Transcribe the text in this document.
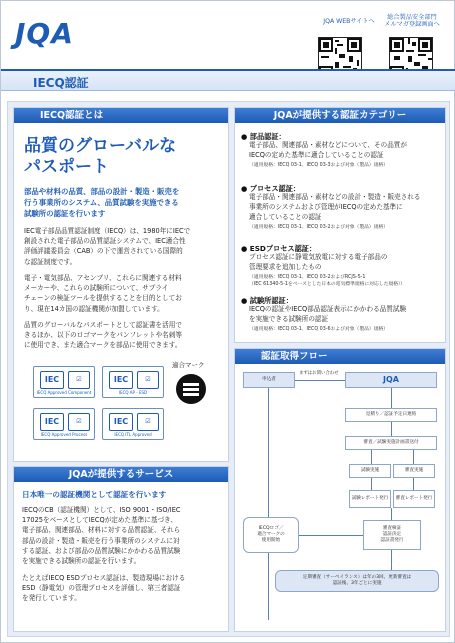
JQA	JQA WEBサイトへ
総合製品安全部門
メルマガ登録画面へ
IECQ認証
IECQ認証とは
品質のグローバルな
パスポート
部品や材料の品質、部品の設計・製造・販売を
行う事業所のシステム、品質試験を実施できる
試験所の認証を行います
IEC電子部品品質認証制度（IECQ）は、1980年にIECで
創設された電子部品の品質認証システムで、IEC適合性
評価評議委員会（CAB）の下で運営されている国際的
な認証制度です。
電子・電気部品、アセンブリ、これらに関連する材料
メーカーや、これらの試験所について、サプライ
チェーンの検証ツールを提供することを目的としてお
り、現在14カ国の認証機関が加盟しています。
品質のグローバルなパスポートとして認証書を活用で
きるほか、以下のロゴマークをパンフレットや名刺等
に使用でき、また適合マークを部品に使用できます。
IEC	☑
IECQ Approved Component
IEC	☑
IECQ AP - ESD
IEC	☑
IECQ Approved Process
IEC	☑
IECQ ITL Approved
適合マーク
JQAが提供するサービス
日本唯一の認証機関として認証を行います
IECQのCB（認証機関）として、ISO 9001・ISO/IEC
17025をベースとしてIECQが定めた基準に基づき、
電子部品、関連部品、材料に対する品質認証、それら
部品の設計・製造・販売を行う事業所のシステムに対
する認証、および部品の品質試験にかかわる品質試験
を実施できる試験所の認証を行います。
たとえばIECQ ESDプロセス認証は、製造現場における
ESD（静電気）の管理プロセスを評価し、第三者認証
を発行しています。
JQAが提供する認証カテゴリー
● 部品認証：
電子部品、関連部品・素材などについて、その品質が
IECQの定めた基準に適合していることの認証
（適用規格：IECQ 03-1、IECQ 03-3および対象（製品）規格）
● プロセス認証：
電子部品・関連部品・素材などの設計・製造・販売される
事業所のシステムおよび管理がIECQの定めた基準に
適合していることの認証
（適用規格：IECQ 03-1、IECQ 03-2および対象（製品）規格）
● ESDプロセス認証：
プロセス認証に静電気放電に対する電子部品の
管理要求を追加したもの
（適用規格：IECQ 03-1、IECQ 03-2およびRCJS-5-1
（IEC 61340-5-1をベースとした日本の電気標準規格に対応した規格））
● 試験所認証：
IECQの認証やIECQ部品認証表示にかかわる品質試験
を実施できる試験所の認証
（適用規格：IECQ 03-1、IECQ 03-6および対象（製品）規格）
認証取得フロー
申込者	JQA
まずはお問い合わせ
見積り／認証予定日連絡
審査／試験実施計画書送付
試験実施	審査実施
試験レポート発行	審査レポート発行
審査検証
認証決定
認証書発行
IECQロゴ／
適合マークの
使用開始
定期審査（サーベイランス）は年の3回、更新審査は
認証後、3年ごとに実施
